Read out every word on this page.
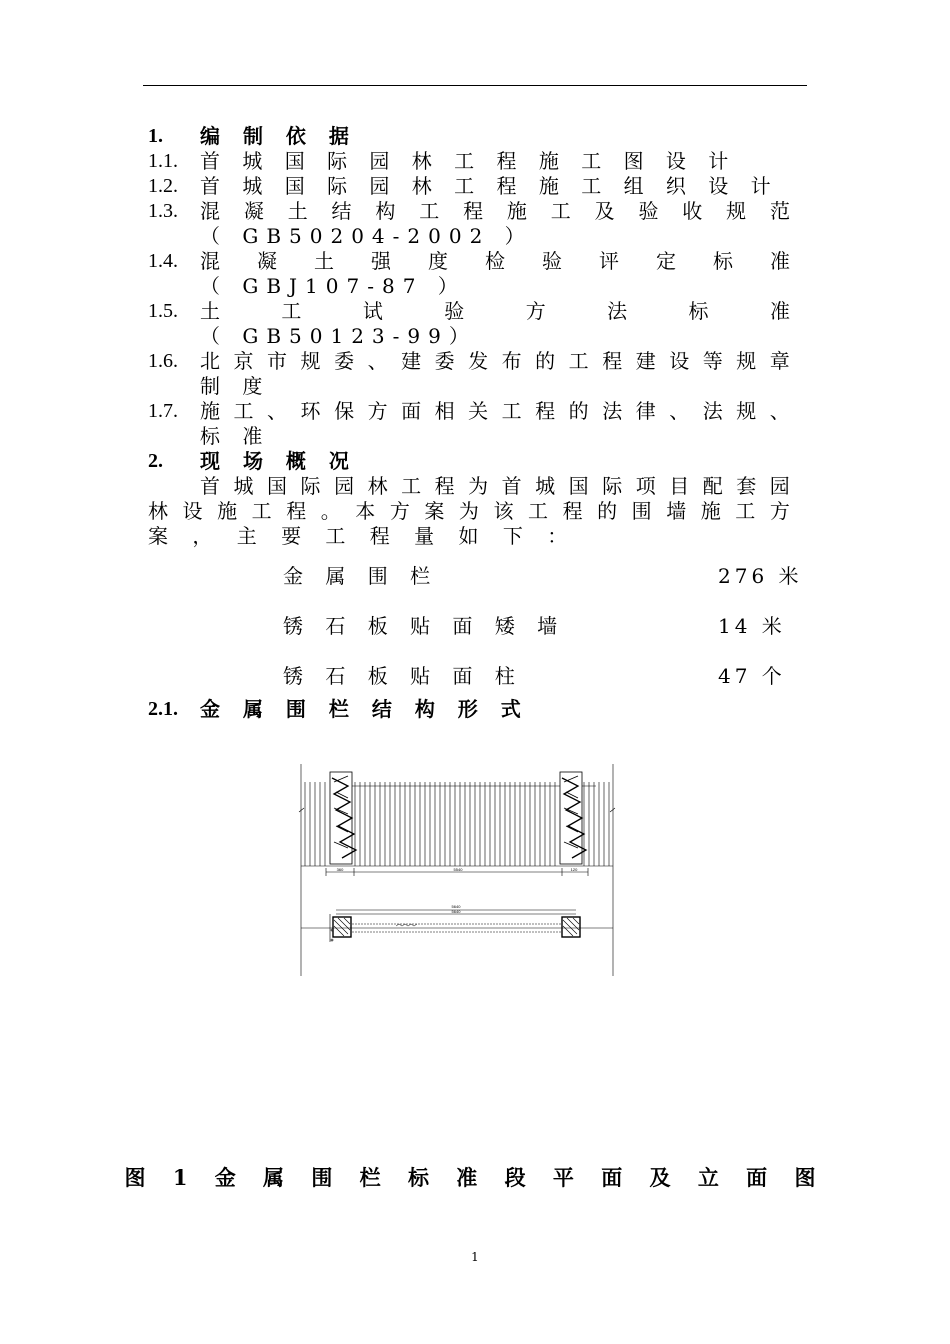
1. 编 制 依 据
1.1. 首 城 国 际 园 林 工 程 施 工 图 设 计
1.2. 首 城 国 际 园 林 工 程 施 工 组 织 设 计
1.3. 混 凝 土 结 构 工 程 施 工 及 验 收 规 范
（ GB50204-2002 ）
1.4. 混 凝 土 强 度 检 验 评 定 标 准
（ GBJ107-87 ）
1.5. 土	工	试	验	方	法	标	准
（ GB50123-99）
1.6. 北 京 市 规 委 、 建 委 发 布 的 工 程 建 设 等 规 章
制 度
1.7. 施 工 、 环 保 方 面 相 关 工 程 的 法 律 、 法 规 、
标 准
2. 现 场 概 况
首 城 国 际 园 林 工 程 为 首 城 国 际 项 目 配 套 园
林 设 施 工 程 。 本 方 案 为 该 工 程 的 围 墙 施 工 方
案 ， 主 要 工 程 量 如 下 ：
金 属 围 栏	276 米
锈 石 板 贴 面 矮 墙	14 米
锈 石 板 贴 面 柱	47 个
2.1. 金 属 围 栏 结 构 形 式
360	5540	120
5640
5640
图 1 金 属 围 栏 标 准 段 平 面 及 立 面 图
1
